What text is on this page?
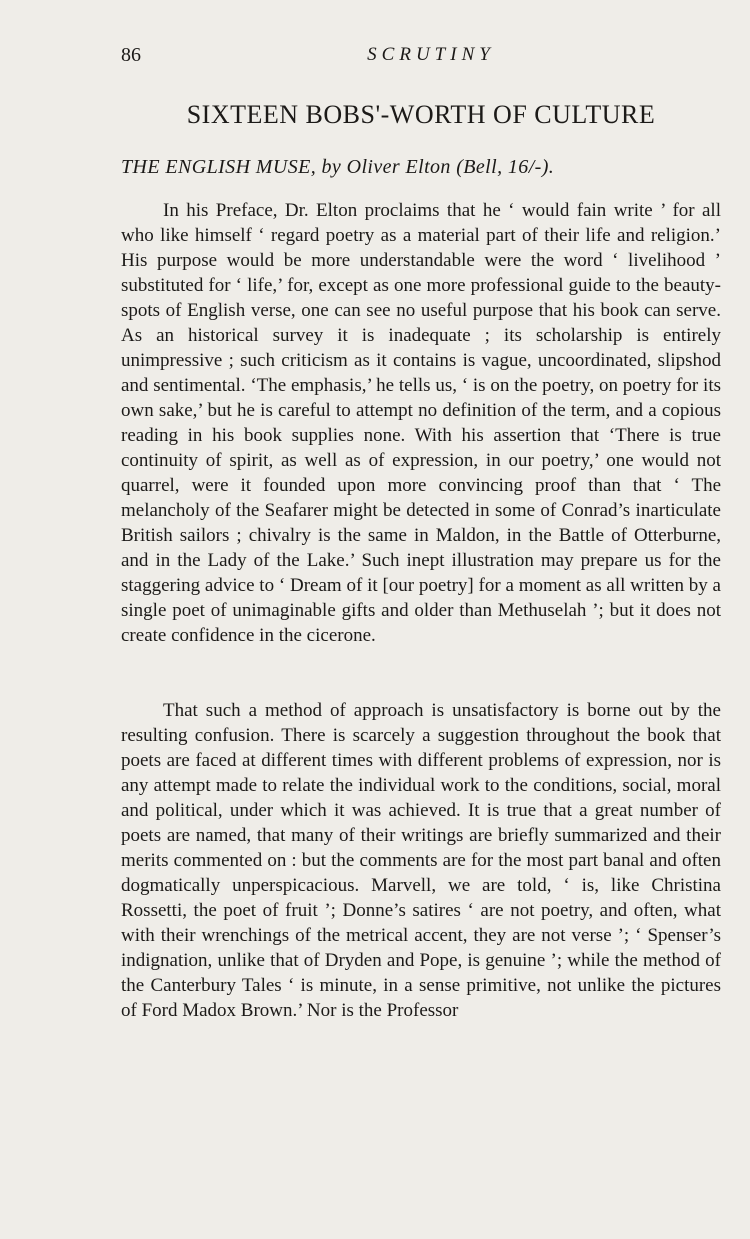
86	SCRUTINY
SIXTEEN BOBS'-WORTH OF CULTURE
THE ENGLISH MUSE, by Oliver Elton (Bell, 16/-).

In his Preface, Dr. Elton proclaims that he ‘ would fain write ’ for all who like himself ‘ regard poetry as a material part of their life and religion.’ His purpose would be more understandable were the word ‘ livelihood ’ substituted for ‘ life,’ for, except as one more professional guide to the beauty-spots of English verse, one can see no useful purpose that his book can serve. As an historical survey it is inadequate ; its scholarship is entirely unimpressive ; such criticism as it contains is vague, uncoordinated, slipshod and sentimental. ‘The emphasis,’ he tells us, ‘ is on the poetry, on poetry for its own sake,’ but he is careful to attempt no definition of the term, and a copious reading in his book supplies none. With his assertion that ‘There is true continuity of spirit, as well as of expression, in our poetry,’ one would not quarrel, were it founded upon more convincing proof than that ‘ The melancholy of the Seafarer might be detected in some of Conrad’s inarticulate British sailors ; chivalry is the same in Maldon, in the Battle of Otterburne, and in the Lady of the Lake.’ Such inept illustration may prepare us for the staggering advice to ‘ Dream of it [our poetry] for a moment as all written by a single poet of unimaginable gifts and older than Methuselah ’; but it does not create confidence in the cicerone.

That such a method of approach is unsatisfactory is borne out by the resulting confusion. There is scarcely a suggestion throughout the book that poets are faced at different times with different problems of expression, nor is any attempt made to relate the individual work to the conditions, social, moral and political, under which it was achieved. It is true that a great number of poets are named, that many of their writings are briefly summarized and their merits commented on : but the comments are for the most part banal and often dogmatically unperspicacious. Marvell, we are told, ‘ is, like Christina Rossetti, the poet of fruit ’; Donne’s satires ‘ are not poetry, and often, what with their wrenchings of the metrical accent, they are not verse ’; ‘ Spenser’s indignation, unlike that of Dryden and Pope, is genuine ’; while the method of the Canterbury Tales ‘ is minute, in a sense primitive, not unlike the pictures of Ford Madox Brown.’ Nor is the Professor
